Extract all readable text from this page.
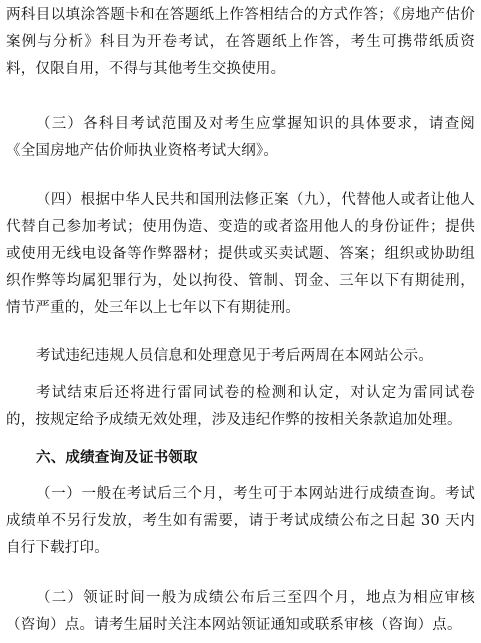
两科目以填涂答题卡和在答题纸上作答相结合的方式作答；《房地产估价案例与分析》科目为开卷考试，在答题纸上作答，考生可携带纸质资料，仅限自用，不得与其他考生交换使用。

（三）各科目考试范围及对考生应掌握知识的具体要求，请查阅《全国房地产估价师执业资格考试大纲》。

（四）根据中华人民共和国刑法修正案（九），代替他人或者让他人代替自己参加考试；使用伪造、变造的或者盗用他人的身份证件；提供或使用无线电设备等作弊器材；提供或买卖试题、答案；组织或协助组织作弊等均属犯罪行为，处以拘役、管制、罚金、三年以下有期徒刑，情节严重的，处三年以上七年以下有期徒刑。

考试违纪违规人员信息和处理意见于考后两周在本网站公示。

考试结束后还将进行雷同试卷的检测和认定，对认定为雷同试卷的，按规定给予成绩无效处理，涉及违纪作弊的按相关条款追加处理。

六、成绩查询及证书领取

（一）一般在考试后三个月，考生可于本网站进行成绩查询。考试成绩单不另行发放，考生如有需要，请于考试成绩公布之日起 30 天内自行下载打印。

（二）领证时间一般为成绩公布后三至四个月，地点为相应审核（咨询）点。请考生届时关注本网站领证通知或联系审核（咨询）点。
